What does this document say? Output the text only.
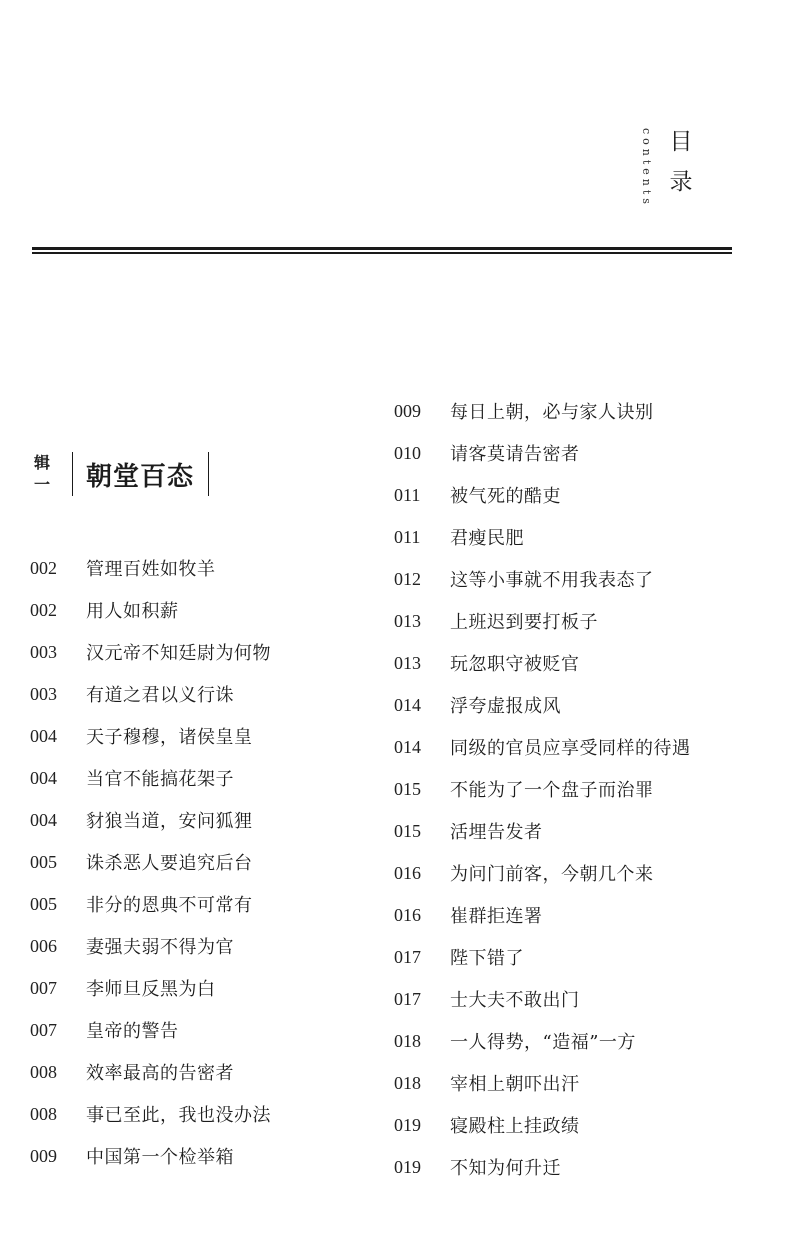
contents 目
录
辑
一 朝堂百态
002	管理百姓如牧羊
002	用人如积薪
003	汉元帝不知廷尉为何物
003	有道之君以义行诛
004	天子穆穆，诸侯皇皇
004	当官不能搞花架子
004	豺狼当道，安问狐狸
005	诛杀恶人要追究后台
005	非分的恩典不可常有
006	妻强夫弱不得为官
007	李师旦反黑为白
007	皇帝的警告
008	效率最高的告密者
008	事已至此，我也没办法
009	中国第一个检举箱
009	每日上朝，必与家人诀别
010	请客莫请告密者
011	被气死的酷吏
011	君瘦民肥
012	这等小事就不用我表态了
013	上班迟到要打板子
013	玩忽职守被贬官
014	浮夸虚报成风
014	同级的官员应享受同样的待遇
015	不能为了一个盘子而治罪
015	活埋告发者
016	为问门前客，今朝几个来
016	崔群拒连署
017	陛下错了
017	士大夫不敢出门
018	一人得势，“造福”一方
018	宰相上朝吓出汗
019	寝殿柱上挂政绩
019	不知为何升迁
